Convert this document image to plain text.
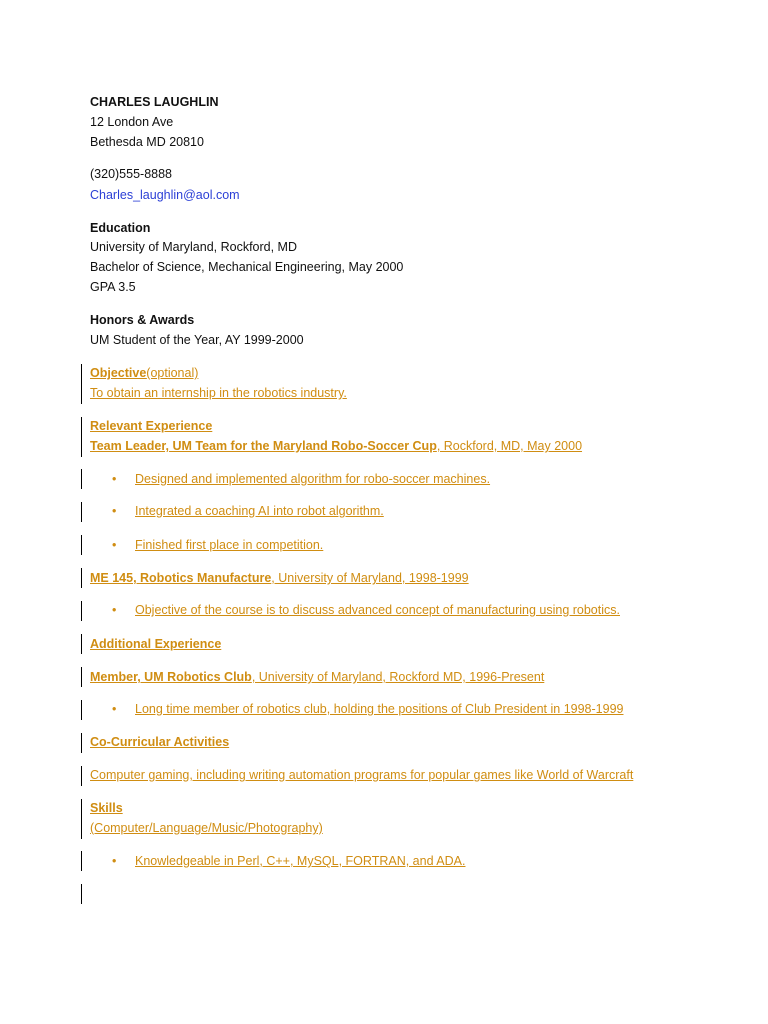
CHARLES LAUGHLIN
12 London Ave
Bethesda MD 20810
(320)555-8888
Charles_laughlin@aol.com
Education
University of Maryland, Rockford, MD
Bachelor of Science, Mechanical Engineering, May 2000
GPA 3.5
Honors & Awards
UM Student of the Year, AY 1999-2000
Objective(optional)
To obtain an internship in the robotics industry.
Relevant Experience
Team Leader, UM Team for the Maryland Robo-Soccer Cup, Rockford, MD, May 2000
• Designed and implemented algorithm for robo-soccer machines.
• Integrated a coaching AI into robot algorithm.
• Finished first place in competition.
ME 145, Robotics Manufacture, University of Maryland, 1998-1999
• Objective of the course is to discuss advanced concept of manufacturing using robotics.
Additional Experience
Member, UM Robotics Club, University of Maryland, Rockford MD, 1996-Present
• Long time member of robotics club, holding the positions of Club President in 1998-1999
Co-Curricular Activities
Computer gaming, including writing automation programs for popular games like World of Warcraft
Skills
(Computer/Language/Music/Photography)
• Knowledgeable in Perl, C++, MySQL, FORTRAN, and ADA.
